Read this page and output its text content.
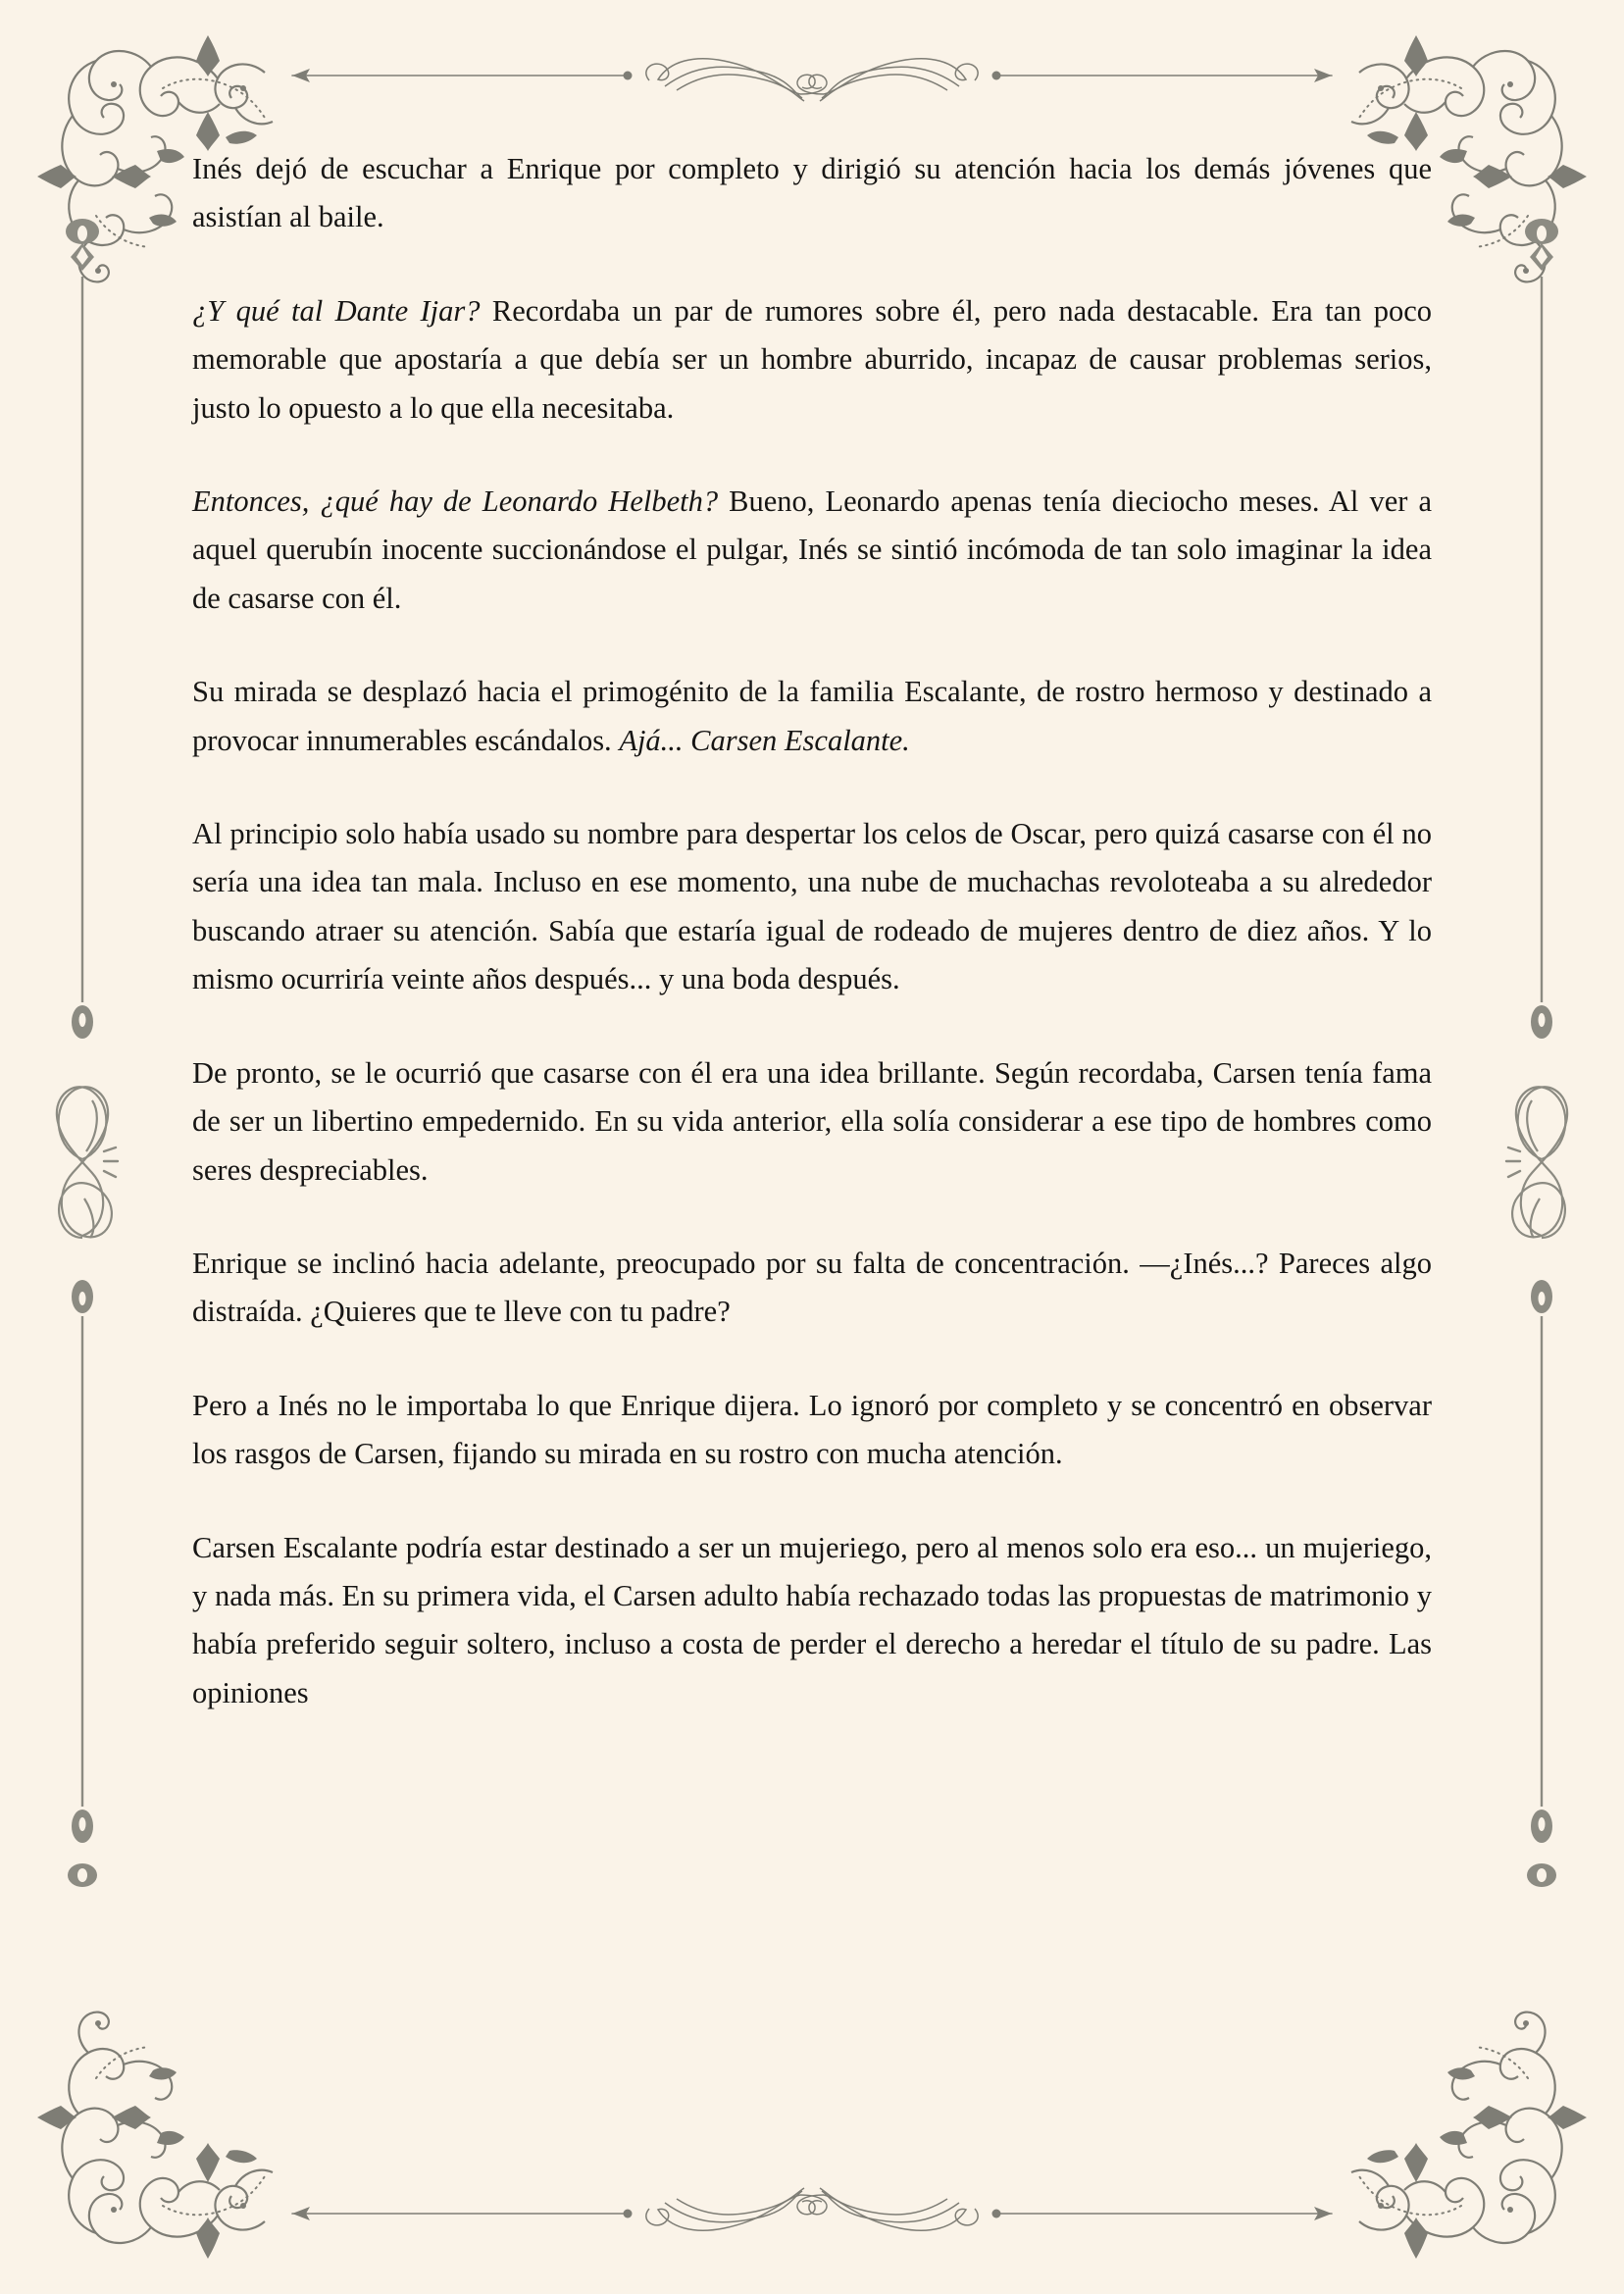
Inés dejó de escuchar a Enrique por completo y dirigió su atención hacia los demás jóvenes que asistían al baile.

¿Y qué tal Dante Ijar? Recordaba un par de rumores sobre él, pero nada destacable. Era tan poco memorable que apostaría a que debía ser un hombre aburrido, incapaz de causar problemas serios, justo lo opuesto a lo que ella necesitaba.

Entonces, ¿qué hay de Leonardo Helbeth? Bueno, Leonardo apenas tenía dieciocho meses. Al ver a aquel querubín inocente succionándose el pulgar, Inés se sintió incómoda de tan solo imaginar la idea de casarse con él.

Su mirada se desplazó hacia el primogénito de la familia Escalante, de rostro hermoso y destinado a provocar innumerables escándalos. Ajá... Carsen Escalante.

Al principio solo había usado su nombre para despertar los celos de Oscar, pero quizá casarse con él no sería una idea tan mala. Incluso en ese momento, una nube de muchachas revoloteaba a su alrededor buscando atraer su atención. Sabía que estaría igual de rodeado de mujeres dentro de diez años. Y lo mismo ocurriría veinte años después... y una boda después.

De pronto, se le ocurrió que casarse con él era una idea brillante. Según recordaba, Carsen tenía fama de ser un libertino empedernido. En su vida anterior, ella solía considerar a ese tipo de hombres como seres despreciables.

Enrique se inclinó hacia adelante, preocupado por su falta de concentración. —¿Inés...? Pareces algo distraída. ¿Quieres que te lleve con tu padre?

Pero a Inés no le importaba lo que Enrique dijera. Lo ignoró por completo y se concentró en observar los rasgos de Carsen, fijando su mirada en su rostro con mucha atención.

Carsen Escalante podría estar destinado a ser un mujeriego, pero al menos solo era eso... un mujeriego, y nada más. En su primera vida, el Carsen adulto había rechazado todas las propuestas de matrimonio y había preferido seguir soltero, incluso a costa de perder el derecho a heredar el título de su padre. Las opiniones
